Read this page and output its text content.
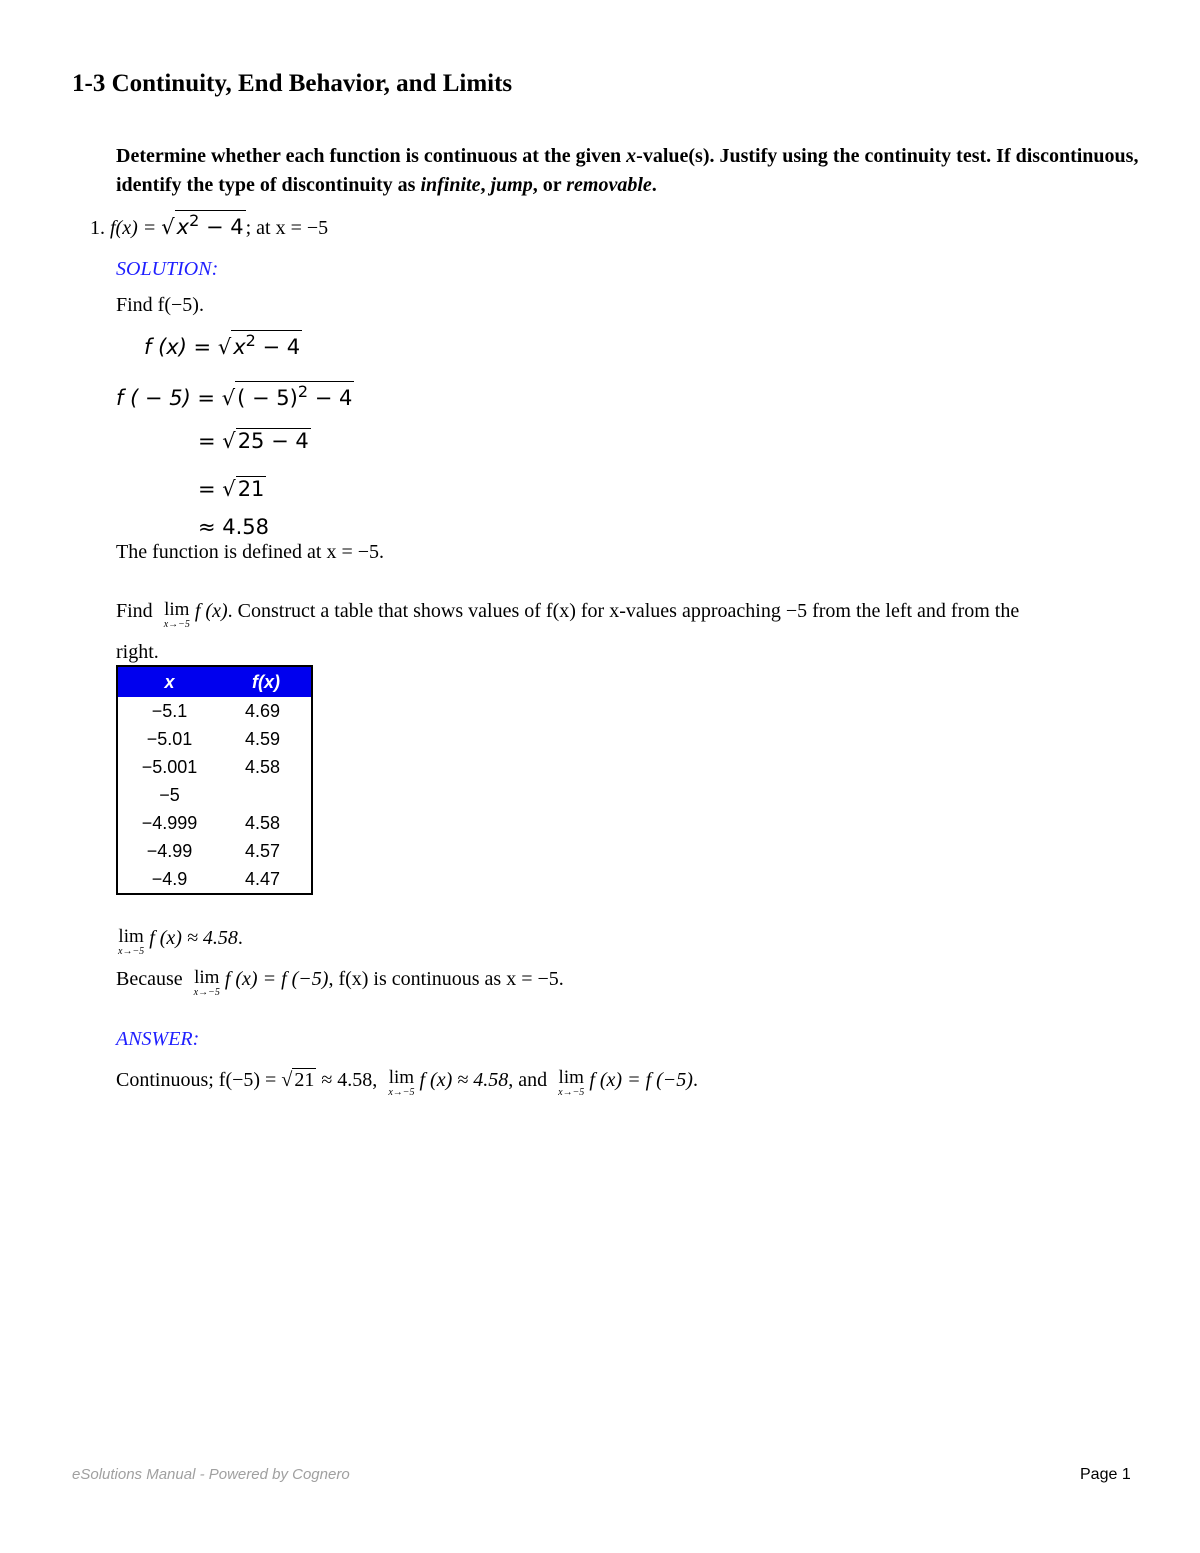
1-3 Continuity, End Behavior, and Limits
Determine whether each function is continuous at the given x-value(s). Justify using the continuity test. If discontinuous, identify the type of discontinuity as infinite, jump, or removable.
1. $f(x) = √x^2 - 4$ ; at x = −5
SOLUTION:
Find f(−5).
f $(x) = √x^2 - 4$
f ( − 5) = √( − 5)$^2$ − 4
= √25 − 4
= √21
≈ 4.58
The function is defined at x = −5.
Find lim
x→−5
f (x). Construct a table that shows values of f(x) for x-values approaching −5 from the left and from the
right.
x	f(x)
−5.1	4.69
−5.01	4.59
−5.001	4.58
−5	
−4.999	4.58
−4.99	4.57
−4.9	4.47
lim
x→−5
f (x) ≈ 4.58.
Because lim
x→−5
f (x) = f (−5), f(x) is continuous as x = −5.
ANSWER:
Continuous; f(−5) = √ 21 ≈ 4.58, lim
x→−5
f (x) ≈ 4.58, and lim
x→−5
f (x) = f (−5).
eSolutions Manual - Powered by Cognero	Page 1
